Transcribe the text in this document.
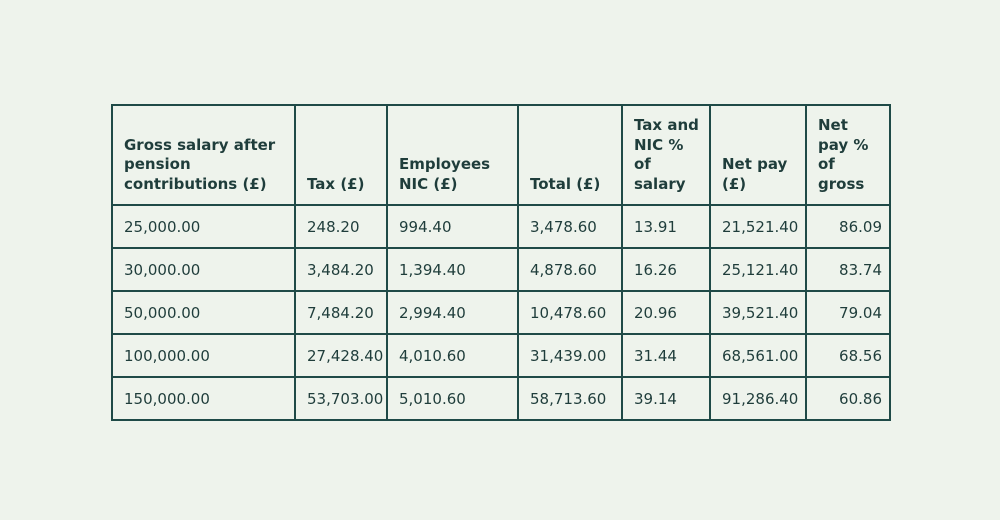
Gross salary after pension contributions (£)	Tax (£)	Employees NIC (£)	Total (£)	Tax and NIC % of salary	Net pay (£)	Net pay % of gross
25,000.00	248.20	994.40	3,478.60	13.91	21,521.40	86.09
30,000.00	3,484.20	1,394.40	4,878.60	16.26	25,121.40	83.74
50,000.00	7,484.20	2,994.40	10,478.60	20.96	39,521.40	79.04
100,000.00	27,428.40	4,010.60	31,439.00	31.44	68,561.00	68.56
150,000.00	53,703.00	5,010.60	58,713.60	39.14	91,286.40	60.86
